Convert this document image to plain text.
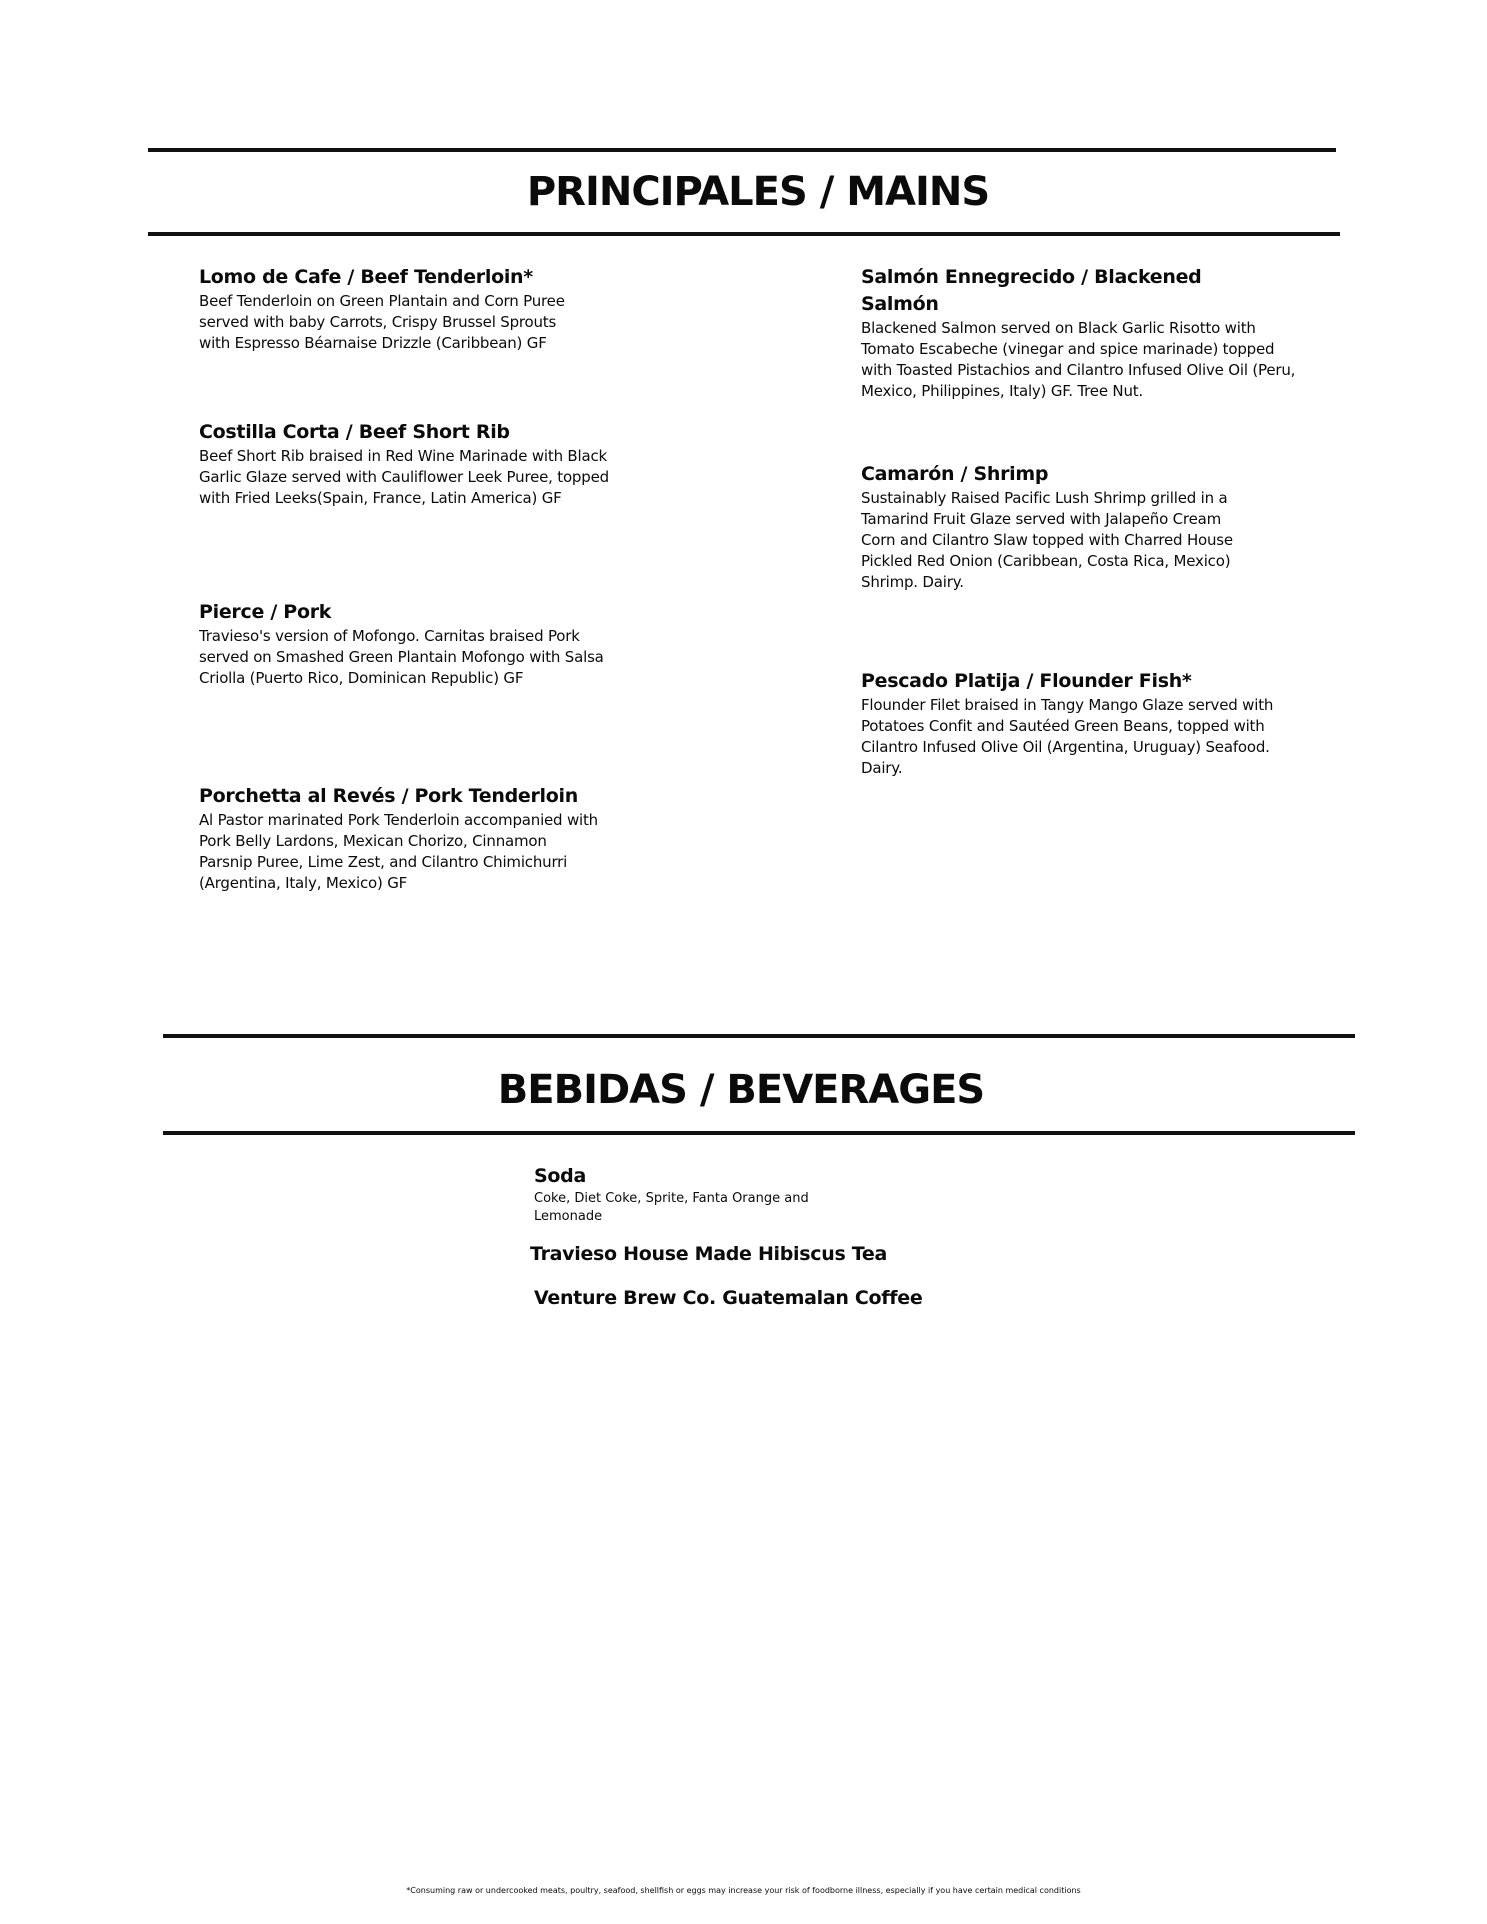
PRINCIPALES / MAINS

Lomo de Cafe / Beef Tenderloin*

Beef Tenderloin on Green Plantain and Corn Puree served with baby Carrots, Crispy Brussel Sprouts with Espresso Béarnaise Drizzle (Caribbean) GF

Costilla Corta / Beef Short Rib

Beef Short Rib braised in Red Wine Marinade with Black Garlic Glaze served with Cauliflower Leek Puree, topped with Fried Leeks(Spain, France, Latin America) GF

Pierce / Pork

Travieso's version of Mofongo. Carnitas braised Pork served on Smashed Green Plantain Mofongo with Salsa Criolla (Puerto Rico, Dominican Republic) GF

Porchetta al Revés / Pork Tenderloin

Al Pastor marinated Pork Tenderloin accompanied with Pork Belly Lardons, Mexican Chorizo, Cinnamon Parsnip Puree, Lime Zest, and Cilantro Chimichurri (Argentina, Italy, Mexico) GF

Salmón Ennegrecido / Blackened Salmón

Blackened Salmon served on Black Garlic Risotto with Tomato Escabeche (vinegar and spice marinade) topped with Toasted Pistachios and Cilantro Infused Olive Oil (Peru, Mexico, Philippines, Italy) GF. Tree Nut.

Camarón / Shrimp

Sustainably Raised Pacific Lush Shrimp grilled in a Tamarind Fruit Glaze served with Jalapeño Cream Corn and Cilantro Slaw topped with Charred House Pickled Red Onion (Caribbean, Costa Rica, Mexico) Shrimp. Dairy.

Pescado Platija / Flounder Fish*

Flounder Filet braised in Tangy Mango Glaze served with Potatoes Confit and Sautéed Green Beans, topped with Cilantro Infused Olive Oil (Argentina, Uruguay) Seafood. Dairy.

BEBIDAS / BEVERAGES

Soda

Coke, Diet Coke, Sprite, Fanta Orange and Lemonade

Travieso House Made Hibiscus Tea

Venture Brew Co. Guatemalan Coffee

*Consuming raw or undercooked meats, poultry, seafood, shellfish or eggs may increase your risk of foodborne illness, especially if you have certain medical conditions
